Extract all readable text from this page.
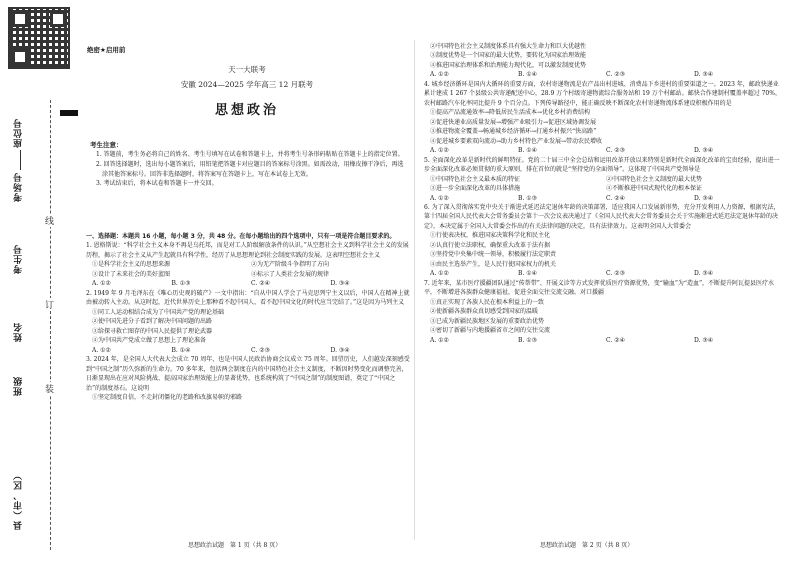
座位号
考场号
考生号
姓名
班级
县（市、区）
线
订
装
绝密★启用前
天一大联考
安徽 2024—2025 学年高三 12 月联考
思想政治
考生注意：

1. 答题前，考生务必将自己的姓名、考生号填写在试卷和答题卡上，并将考生号条形码粘贴在答题卡上的指定位置。

2. 回答选择题时，选出每小题答案后，用铅笔把答题卡对应题目的答案标号涂黑。如需改动，用橡皮擦干净后，再选涂其他答案标号。回答非选择题时，将答案写在答题卡上，写在本试卷上无效。

3. 考试结束后，将本试卷和答题卡一并交回。

一、选择题：本题共 16 小题，每小题 3 分，共 48 分。在每小题给出的四个选项中，只有一项是符合题目要求的。

1. 恩格斯说：“科学社会主义本身不再是乌托邦，而是对工人阶级解放条件的认识。”从空想社会主义到科学社会主义的发展历程，揭示了社会主义从产生起就具有科学性，经历了从思想理论到社会制度实践的发展。这表明空想社会主义

①是科学社会主义的思想来源	②为无产阶级斗争指明了方向
③设计了未来社会的美好蓝图	④标示了人类社会发展的规律
A. ①②	B. ①③	C. ②④	D. ③④

2. 1949 年 9 月毛泽东在《唯心历史观的破产》一文中指出：“自从中国人学会了马克思列宁主义以后，中国人在精神上就由被动转入主动。从这时起，近代世界历史上那种看不起中国人、看不起中国文化的时代应当完结了。”这是因为马列主义

①同工人运动相结合成为了中国共产党的理论基础

②使中国先进分子看到了解决中国问题的出路

③给探寻救亡图存的中国人民提供了理论武器

④为中国共产党成立做了思想上了理论准备

A. ①②	B. ①④	C. ②③	D. ③④

3. 2024 年，是全国人大代表大会成立 70 周年，也是中国人民政治协商会议成立 75 周年。回望历史，人们越发深刻感受到“中国之制”历久弥新的生命力。70 多年来，包括两会制度在内的中国特色社会主义制度，不断因时势变化而调整完善，日渐显现出在应对风险挑战、提高国家治理效能上的显著优势，也系统构筑了“中国之制”的制度图谱，奠定了“中国之治”的制度基石。这说明

①坚定制度自信，不走封闭僵化的老路和改旗易帜的邪路

②中国特色社会主义制度体系具有强大生命力和巨大优越性

③制度优势是一个国家的最大优势，要转化为国家治理效能

④推进国家治理体系和治理能力现代化，可以激发制度优势

A. ①②	B. ①④	C. ②③	D. ③④

4. 城乡经济循环是国内大循环的重要方面，农村寄递物流是农产品出村进城、消费品下乡进村的重要渠道之一。2023 年，邮政快递业累计建成 1 267 个县级公共寄递配送中心，28.9 万个村级寄递物流综合服务站和 19 万个村邮站。邮快合作建制村覆盖率超过 70%，农村邮路汽车化率同比提升 9 个百分点。下列传导路径中，能正确反映不断深化农村寄递物流体系建设积极作用的是

①提高产品流通效率→降低居民生活成本→优化乡村消费结构

②促进快递业高质量发展→增强产业吸引力→促进区域协调发展

③推进物流全覆盖→畅通城乡经济循环→打通乡村振兴“快高路”

④促进城乡要素双向流动→助力乡村特色产业发展→带动农民增收

A. ①②	B. ①④	C. ②③	D. ③④

5. 全面深化改革是新时代的鲜明特征。党的二十届三中全会总结和运用改革开放以来特别是新时代全面深化改革的宝贵经验，提出进一步全面深化改革必须贯彻的重大原则，排在首位的就是“坚持党的全面领导”。这体现了中国共产党领导是

①中国特色社会主义最本质的特征	②中国特色社会主义制度的最大优势
③进一步全面深化改革的具体措施	④不断推进中国式现代化的根本保证
A. ①②	B. ①③	C. ②④	D. ③④

6. 为了深入贯彻落实党中央关于渐进式延迟法定退休年龄的决策部署，适应我国人口发展新形势，充分开发利用人力资源，根据宪法，第十四届全国人民代表大会常务委员会第十一次会议表决通过了《全国人民代表大会常务委员会关于实施渐进式延迟法定退休年龄的决定》，本决定属于全国人大常委会作出的有关法律问题的决定，具有法律效力。这表明全国人大常委会

①行使表决权，推进国家决策科学化和民主化

②认真行使立法职权，确保重大改革于法有据

③坚持党中央集中统一领导，积极履行法定职责

④由民主选举产生，是人民行使国家权力的机关

A. ①②	B. ①④	C. ②③	D. ③④

7. 近年来，某市医疗援疆团队通过“传帮带”、开展义诊等方式发挥优质医疗资源优势，变“输血”为“造血”，不断提升阿瓦提县医疗水平，不断增进各族群众健康福祉，促进全面交往交流交融。对口援疆

①真正实现了各族人民在根本利益上的一致

②使新疆各族群众真切感受到国家的温暖

③已成为新疆民族地区发展的重要政治优势

④密切了新疆与内地援疆省市之间的交往交流

A. ①②	B. ①③	C. ②④	D. ③④
思想政治试题　第 1 页（共 8 页）	思想政治试题　第 2 页（共 8 页）
